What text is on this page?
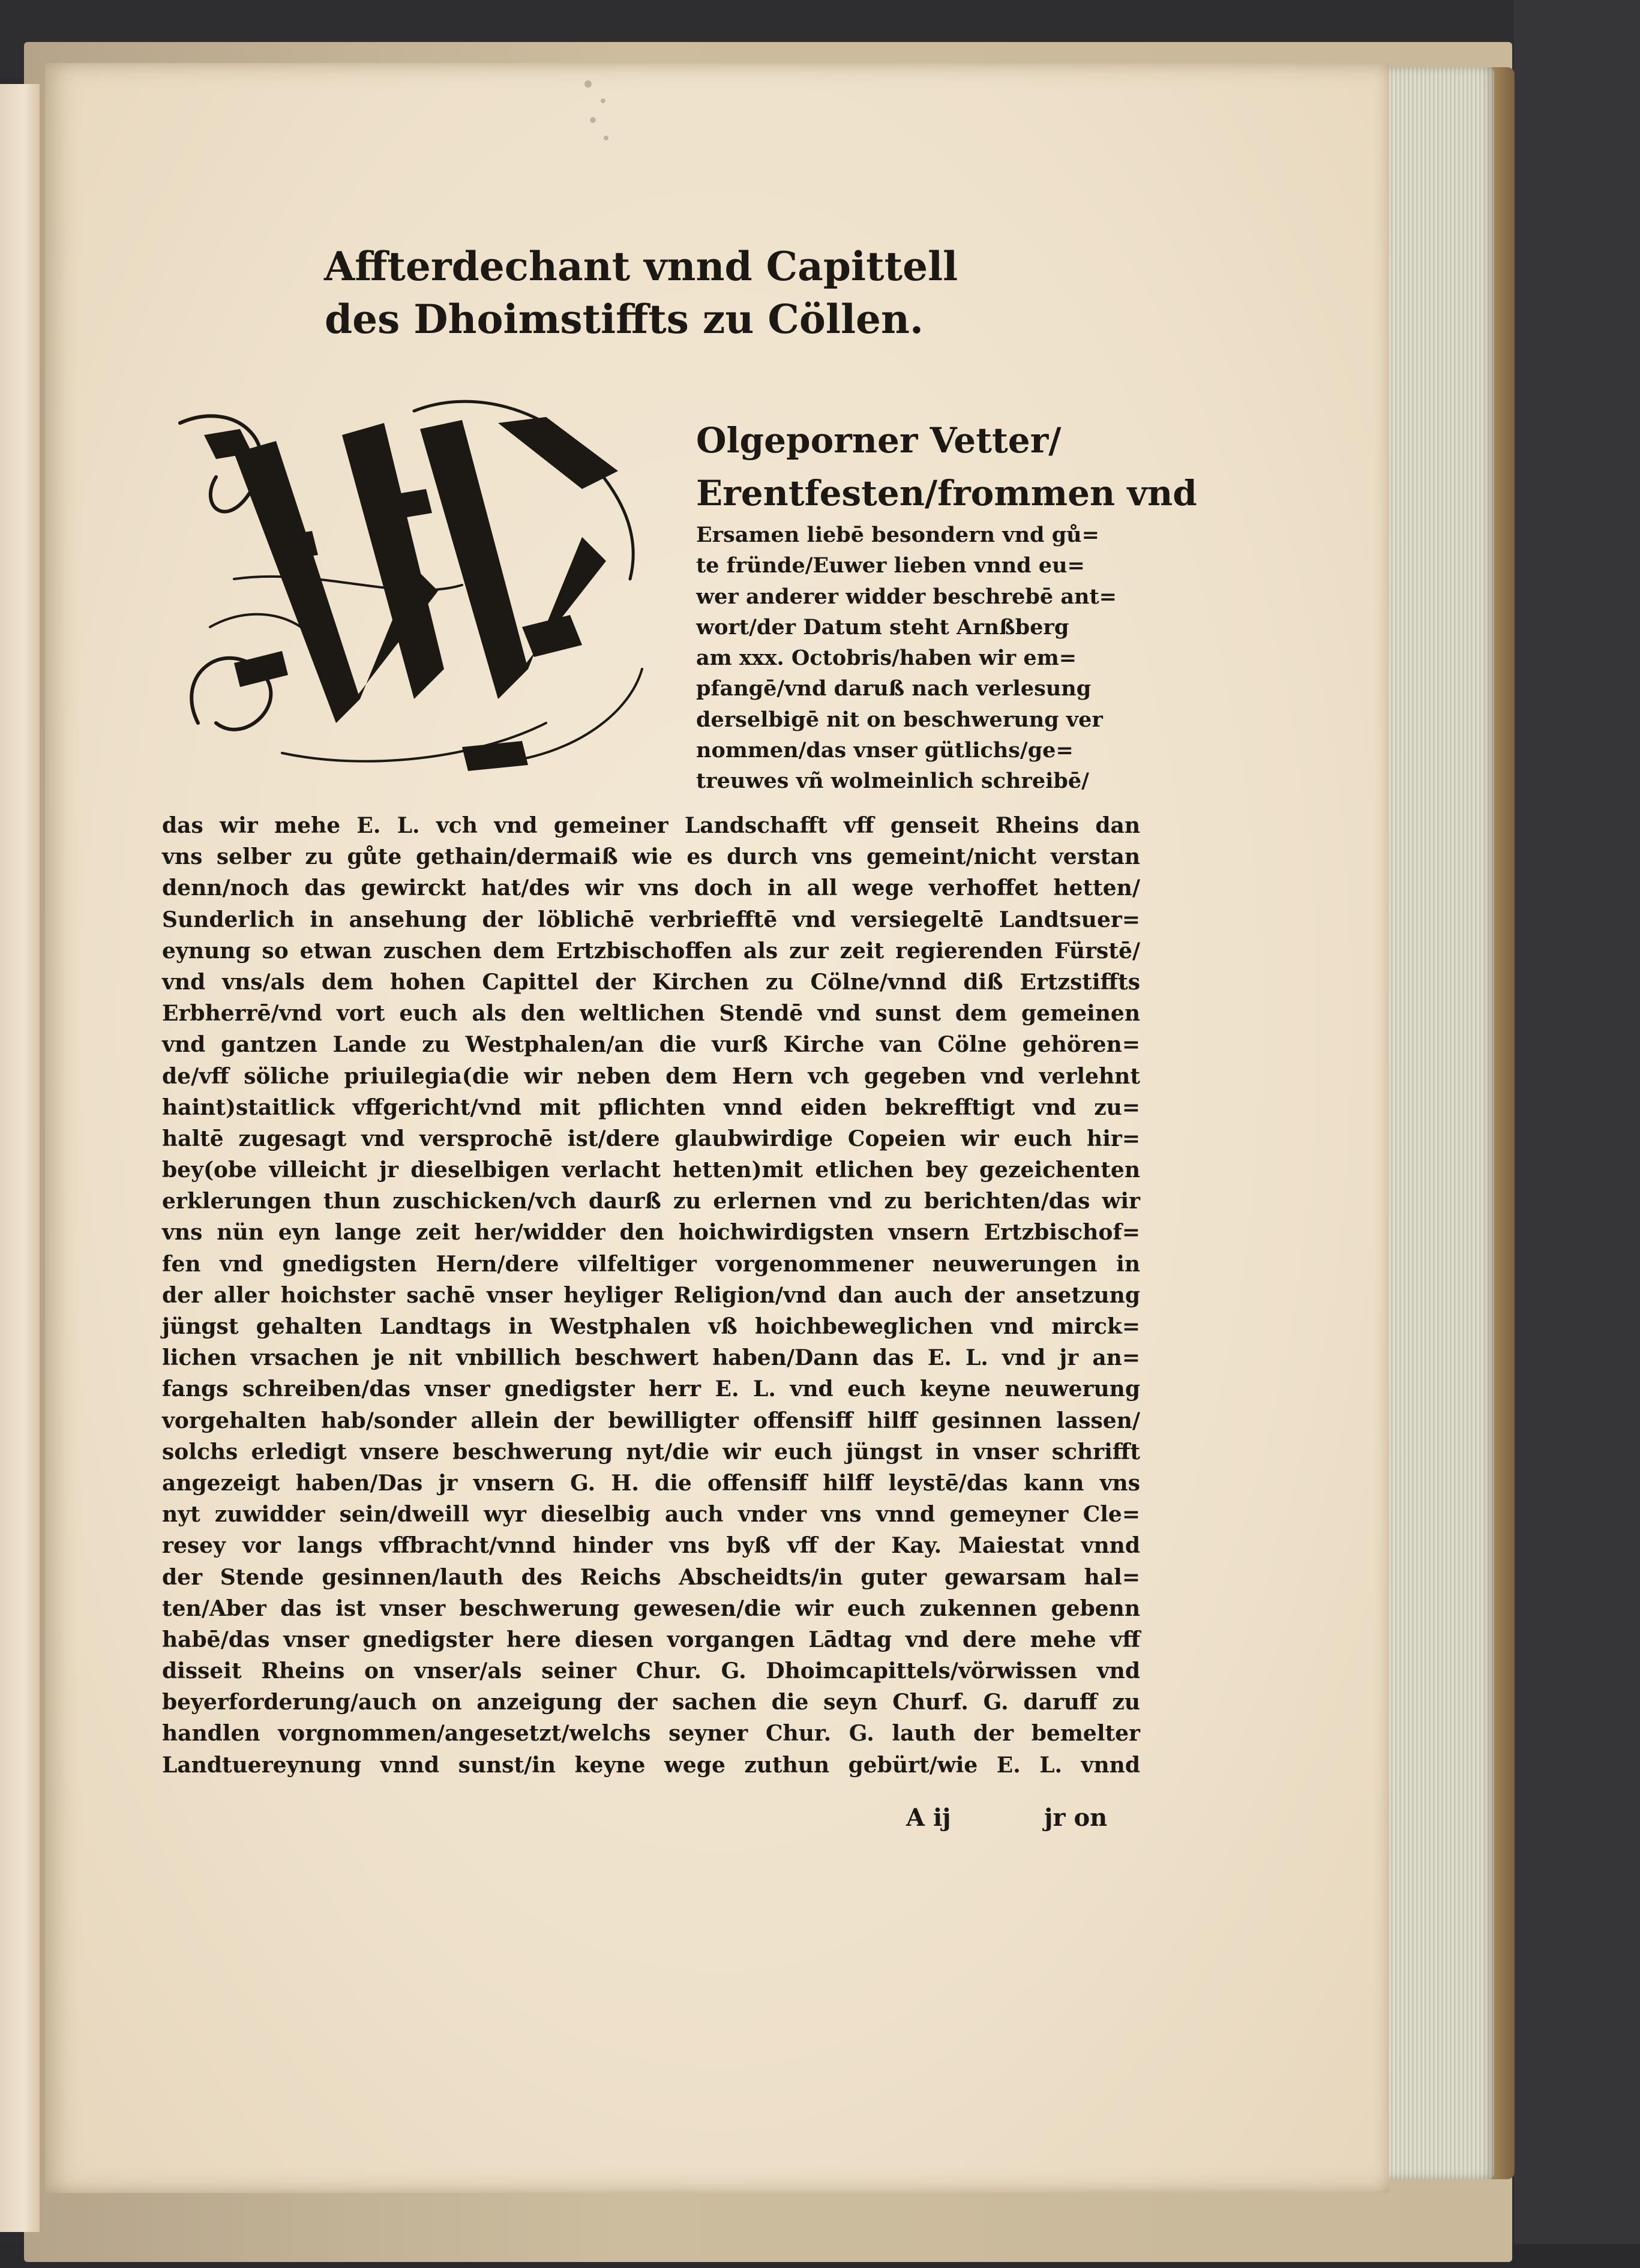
Affterdechant vnnd Capittell
des Dhoimstiffts zu Cöllen.
Olgeporner Vetter/
Erentfesten/frommen vnd
Ersamen liebē besondern vnd gů=
te fründe/Euwer lieben vnnd eu=
wer anderer widder beschrebē ant=
wort/der Datum steht Arnßberg
am xxx. Octobris/haben wir em=
pfangē/vnd daruß nach verlesung
derselbigē nit on beschwerung ver
nommen/das vnser gütlichs/ge=
treuwes vñ wolmeinlich schreibē/
das wir mehe E. L. vch vnd gemeiner Landschafft vff genseit Rheins dan
vns selber zu gůte gethain/dermaiß wie es durch vns gemeint/nicht verstan
denn/noch das gewirckt hat/des wir vns doch in all wege verhoffet hetten/
Sunderlich in ansehung der löblichē verbriefftē vnd versiegeltē Landtsuer=
eynung so etwan zuschen dem Ertzbischoffen als zur zeit regierenden Fürstē/
vnd vns/als dem hohen Capittel der Kirchen zu Cölne/vnnd diß Ertzstiffts
Erbherrē/vnd vort euch als den weltlichen Stendē vnd sunst dem gemeinen
vnd gantzen Lande zu Westphalen/an die vurß Kirche van Cölne gehören=
de/vff söliche priuilegia(die wir neben dem Hern vch gegeben vnd verlehnt
haint)staitlick vffgericht/vnd mit pflichten vnnd eiden bekrefftigt vnd zu=
haltē zugesagt vnd versprochē ist/dere glaubwirdige Copeien wir euch hir=
bey(obe villeicht jr dieselbigen verlacht hetten)mit etlichen bey gezeichenten
erklerungen thun zuschicken/vch daurß zu erlernen vnd zu berichten/das wir
vns nün eyn lange zeit her/widder den hoichwirdigsten vnsern Ertzbischof=
fen vnd gnedigsten Hern/dere vilfeltiger vorgenommener neuwerungen in
der aller hoichster sachē vnser heyliger Religion/vnd dan auch der ansetzung
jüngst gehalten Landtags in Westphalen vß hoichbeweglichen vnd mirck=
lichen vrsachen je nit vnbillich beschwert haben/Dann das E. L. vnd jr an=
fangs schreiben/das vnser gnedigster herr E. L. vnd euch keyne neuwerung
vorgehalten hab/sonder allein der bewilligter offensiff hilff gesinnen lassen/
solchs erledigt vnsere beschwerung nyt/die wir euch jüngst in vnser schrifft
angezeigt haben/Das jr vnsern G. H. die offensiff hilff leystē/das kann vns
nyt zuwidder sein/dweill wyr dieselbig auch vnder vns vnnd gemeyner Cle=
resey vor langs vffbracht/vnnd hinder vns byß vff der Kay. Maiestat vnnd
der Stende gesinnen/lauth des Reichs Abscheidts/in guter gewarsam hal=
ten/Aber das ist vnser beschwerung gewesen/die wir euch zukennen gebenn
habē/das vnser gnedigster here diesen vorgangen Lādtag vnd dere mehe vff
disseit Rheins on vnser/als seiner Chur. G. Dhoimcapittels/vörwissen vnd
beyerforderung/auch on anzeigung der sachen die seyn Churf. G. daruff zu
handlen vorgnommen/angesetzt/welchs seyner Chur. G. lauth der bemelter
Landtuereynung vnnd sunst/in keyne wege zuthun gebürt/wie E. L. vnnd
A ij	jr on
